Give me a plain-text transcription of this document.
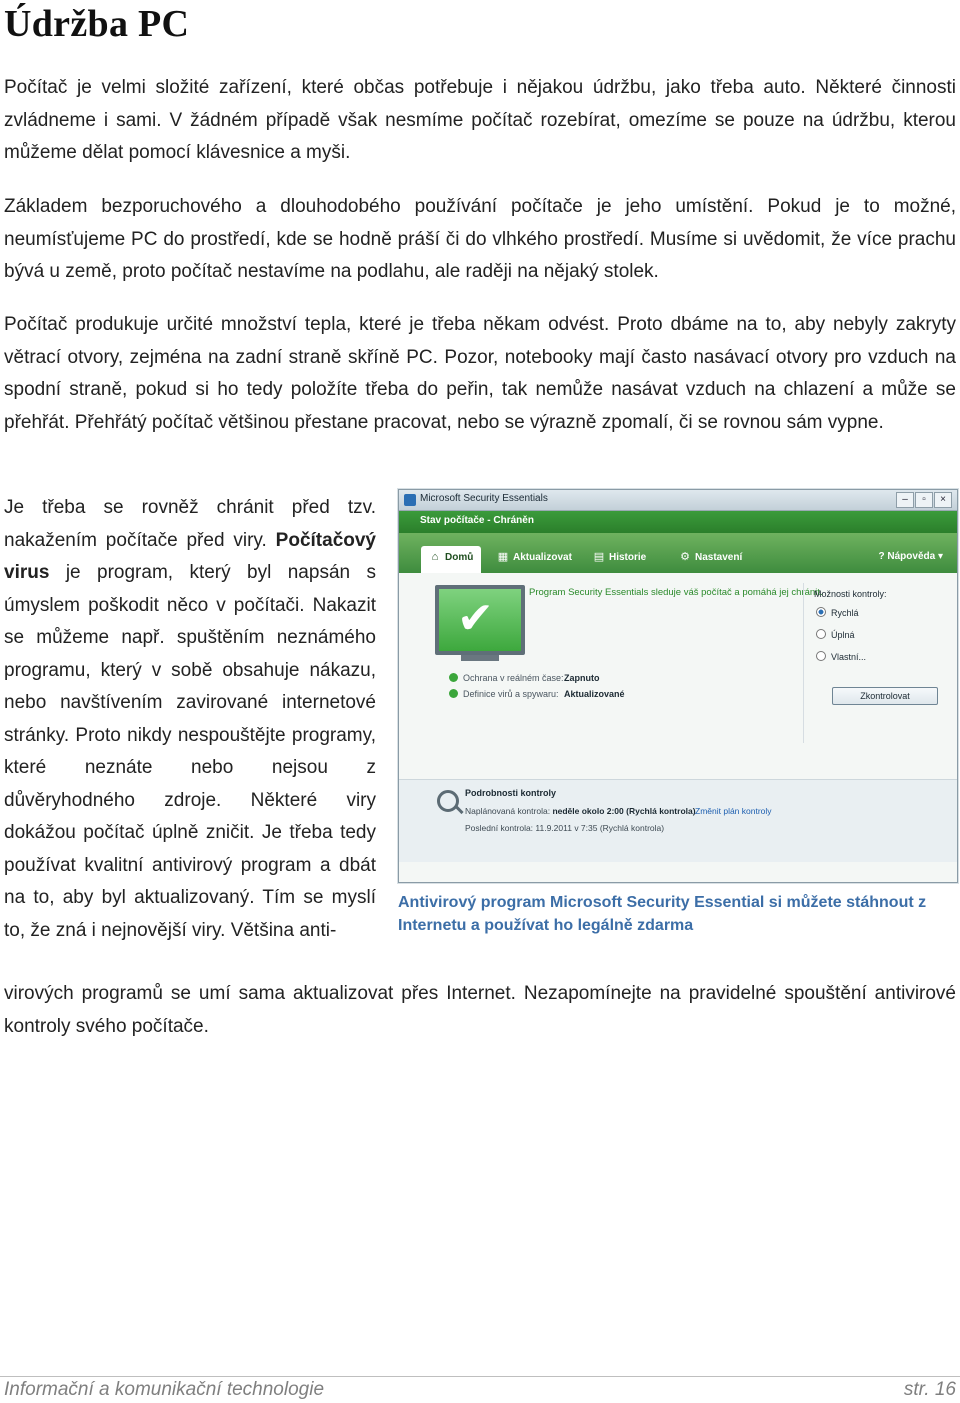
Údržba PC

Počítač je velmi složité zařízení, které občas potřebuje i nějakou údržbu, jako třeba auto. Některé činnosti zvládneme i sami. V žádném případě však nesmíme počítač rozebírat, omezíme se pouze na údržbu, kterou můžeme dělat pomocí klávesnice a myši.

Základem bezporuchového a dlouhodobého používání počítače je jeho umístění. Pokud je to možné, neumísťujeme PC do prostředí, kde se hodně práší či do vlhkého prostředí. Musíme si uvědomit, že více prachu bývá u země, proto počítač nestavíme na podlahu, ale raději na nějaký stolek.

Počítač produkuje určité množství tepla, které je třeba někam odvést. Proto dbáme na to, aby nebyly zakryty větrací otvory, zejména na zadní straně skříně PC. Pozor, notebooky mají často nasávací otvory pro vzduch na spodní straně, pokud si ho tedy položíte třeba do peřin, tak nemůže nasávat vzduch na chlazení a může se přehřát. Přehřátý počítač většinou přestane pracovat, nebo se výrazně zpomalí, či se rovnou sám vypne.

Je třeba se rovněž chránit před tzv. nakažením počítače před viry. Počítačový virus je program, který byl napsán s úmyslem poškodit něco v počítači. Nakazit se můžeme např. spuštěním neznámého programu, který v sobě obsahuje nákazu, nebo navštívením zavirované internetové stránky. Proto nikdy nespouštějte programy, které neznáte nebo nejsou z důvěryhodného zdroje. Některé viry dokážou počítač úplně zničit. Je třeba tedy používat kvalitní antivirový program a dbát na to, aby byl aktualizovaný. Tím se myslí to, že zná i nejnovější viry. Většina anti-

virových programů se umí sama aktualizovat přes Internet. Nezapomínejte na pravidelné spouštění antivirové kontroly svého počítače.

Microsoft Security Essentials	–	▫	×
Stav počítače - Chráněn
⌂ Domů	▦ Aktualizovat ▤ Historie	⚙ Nastavení	? Nápověda ▾
✔
Program Security Essentials sleduje váš počítač a pomáhá jej chránit.
Ochrana v reálném čase: Zapnuto
Definice virů a spywaru: Aktualizované
Možnosti kontroly:
Rychlá
Úplná
Vlastní...
Zkontrolovat
Podrobnosti kontroly
Naplánovaná kontrola: neděle okolo 2:00 (Rychlá kontrola) Změnit plán kontroly
Poslední kontrola: 11.9.2011 v 7:35 (Rychlá kontrola)

Antivirový program Microsoft Security Essential si můžete stáhnout z Internetu a používat ho legálně zdarma

Informační a komunikační technologie	str. 16
